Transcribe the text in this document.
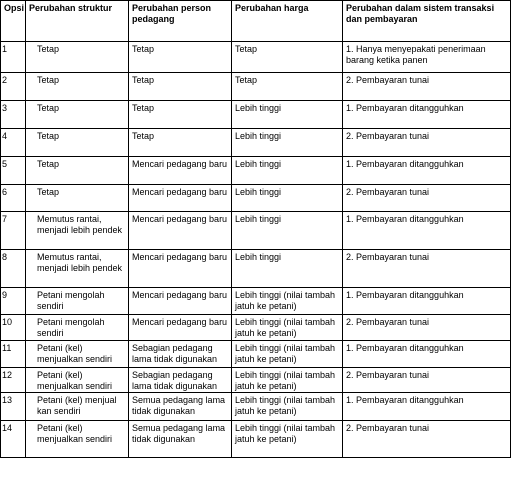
Opsi	Perubahan struktur	Perubahan person pedagang	Perubahan harga	Perubahan dalam sistem transaksi dan pembayaran
1	Tetap	Tetap	Tetap	1. Hanya menyepakati penerimaan barang ketika panen
2	Tetap	Tetap	Tetap	2. Pembayaran tunai
3	Tetap	Tetap	Lebih tinggi	1. Pembayaran ditangguhkan
4	Tetap	Tetap	Lebih tinggi	2. Pembayaran tunai
5	Tetap	Mencari pedagang baru	Lebih tinggi	1. Pembayaran ditangguhkan
6	Tetap	Mencari pedagang baru	Lebih tinggi	2. Pembayaran tunai
7	Memutus rantai, menjadi lebih pendek	Mencari pedagang baru	Lebih tinggi	1. Pembayaran ditangguhkan
8	Memutus rantai, menjadi lebih pendek	Mencari pedagang baru	Lebih tinggi	2. Pembayaran tunai
9	Petani mengolah sendiri	Mencari pedagang baru	Lebih tinggi (nilai tambah jatuh ke petani)	1. Pembayaran ditangguhkan
10	Petani mengolah sendiri	Mencari pedagang baru	Lebih tinggi (nilai tambah jatuh ke petani)	2. Pembayaran tunai
11	Petani (kel) menjualkan sendiri	Sebagian pedagang lama tidak digunakan	Lebih tinggi (nilai tambah jatuh ke petani)	1. Pembayaran ditangguhkan
12	Petani (kel) menjualkan sendiri	Sebagian pedagang lama tidak digunakan	Lebih tinggi (nilai tambah jatuh ke petani)	2. Pembayaran tunai
13	Petani (kel) menjual kan sendiri	Semua pedagang lama tidak digunakan	Lebih tinggi (nilai tambah jatuh ke petani)	1. Pembayaran ditangguhkan
14	Petani (kel) menjualkan sendiri	Semua pedagang lama tidak digunakan	Lebih tinggi (nilai tambah jatuh ke petani)	2. Pembayaran tunai
